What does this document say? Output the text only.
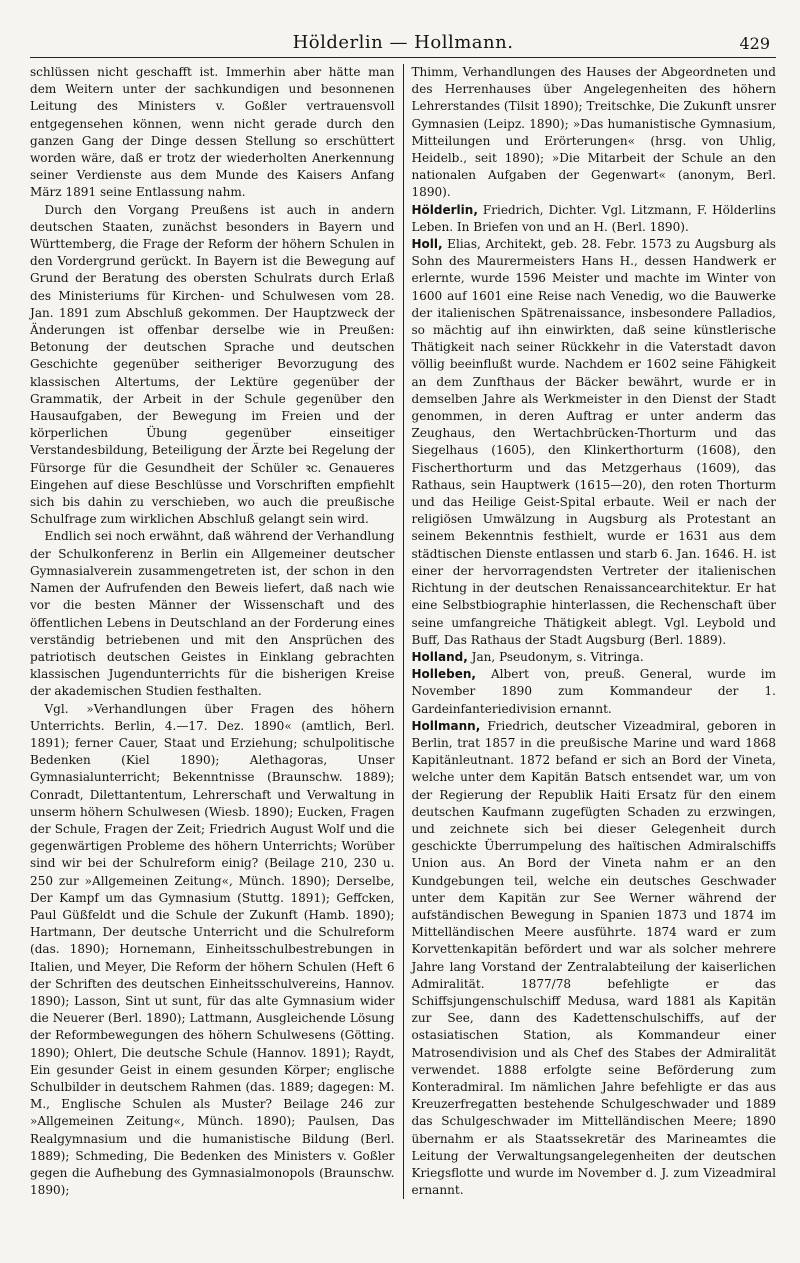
Hölderlin — Hollmann.	429

schlüssen nicht geschafft ist. Immerhin aber hätte man dem Weitern unter der sachkundigen und besonnenen Leitung des Ministers v. Goßler vertrauensvoll entgegensehen können, wenn nicht gerade durch den ganzen Gang der Dinge dessen Stellung so erschüttert worden wäre, daß er trotz der wiederholten Anerkennung seiner Verdienste aus dem Munde des Kaisers Anfang März 1891 seine Entlassung nahm.

Durch den Vorgang Preußens ist auch in andern deutschen Staaten, zunächst besonders in Bayern und Württemberg, die Frage der Reform der höhern Schulen in den Vordergrund gerückt. In Bayern ist die Bewegung auf Grund der Beratung des obersten Schulrats durch Erlaß des Ministeriums für Kirchen- und Schulwesen vom 28. Jan. 1891 zum Abschluß gekommen. Der Hauptzweck der Änderungen ist offenbar derselbe wie in Preußen: Betonung der deutschen Sprache und deutschen Geschichte gegenüber seitheriger Bevorzugung des klassischen Altertums, der Lektüre gegenüber der Grammatik, der Arbeit in der Schule gegenüber den Hausaufgaben, der Bewegung im Freien und der körperlichen Übung gegenüber einseitiger Verstandesbildung, Beteiligung der Ärzte bei Regelung der Fürsorge für die Gesundheit der Schüler ꝛc. Genaueres Eingehen auf diese Beschlüsse und Vorschriften empfiehlt sich bis dahin zu verschieben, wo auch die preußische Schulfrage zum wirklichen Abschluß gelangt sein wird.

Endlich sei noch erwähnt, daß während der Verhandlung der Schulkonferenz in Berlin ein Allgemeiner deutscher Gymnasialverein zusammengetreten ist, der schon in den Namen der Aufrufenden den Beweis liefert, daß nach wie vor die besten Männer der Wissenschaft und des öffentlichen Lebens in Deutschland an der Forderung eines verständig betriebenen und mit den Ansprüchen des patriotisch deutschen Geistes in Einklang gebrachten klassischen Jugendunterrichts für die bisherigen Kreise der akademischen Studien festhalten.

Vgl. »Verhandlungen über Fragen des höhern Unterrichts. Berlin, 4.—17. Dez. 1890« (amtlich, Berl. 1891); ferner Cauer, Staat und Erziehung; schulpolitische Bedenken (Kiel 1890); Alethagoras, Unser Gymnasialunterricht; Bekenntnisse (Braunschw. 1889); Conradt, Dilettantentum, Lehrerschaft und Verwaltung in unserm höhern Schulwesen (Wiesb. 1890); Eucken, Fragen der Schule, Fragen der Zeit; Friedrich August Wolf und die gegenwärtigen Probleme des höhern Unterrichts; Worüber sind wir bei der Schulreform einig? (Beilage 210, 230 u. 250 zur »Allgemeinen Zeitung«, Münch. 1890); Derselbe, Der Kampf um das Gymnasium (Stuttg. 1891); Geffcken, Paul Güßfeldt und die Schule der Zukunft (Hamb. 1890); Hartmann, Der deutsche Unterricht und die Schulreform (das. 1890); Hornemann, Einheitsschulbestrebungen in Italien, und Meyer, Die Reform der höhern Schulen (Heft 6 der Schriften des deutschen Einheitsschulvereins, Hannov. 1890); Lasson, Sint ut sunt, für das alte Gymnasium wider die Neuerer (Berl. 1890); Lattmann, Ausgleichende Lösung der Reformbewegungen des höhern Schulwesens (Götting. 1890); Ohlert, Die deutsche Schule (Hannov. 1891); Raydt, Ein gesunder Geist in einem gesunden Körper; englische Schulbilder in deutschem Rahmen (das. 1889; dagegen: M. M., Englische Schulen als Muster? Beilage 246 zur »Allgemeinen Zeitung«, Münch. 1890); Paulsen, Das Realgymnasium und die humanistische Bildung (Berl. 1889); Schmeding, Die Bedenken des Ministers v. Goßler gegen die Aufhebung des Gymnasialmonopols (Braunschw. 1890);

Thimm, Verhandlungen des Hauses der Abgeordneten und des Herrenhauses über Angelegenheiten des höhern Lehrerstandes (Tilsit 1890); Treitschke, Die Zukunft unsrer Gymnasien (Leipz. 1890); »Das humanistische Gymnasium, Mitteilungen und Erörterungen« (hrsg. von Uhlig, Heidelb., seit 1890); »Die Mitarbeit der Schule an den nationalen Aufgaben der Gegenwart« (anonym, Berl. 1890).

Hölderlin, Friedrich, Dichter. Vgl. Litzmann, F. Hölderlins Leben. In Briefen von und an H. (Berl. 1890).

Holl, Elias, Architekt, geb. 28. Febr. 1573 zu Augsburg als Sohn des Maurermeisters Hans H., dessen Handwerk er erlernte, wurde 1596 Meister und machte im Winter von 1600 auf 1601 eine Reise nach Venedig, wo die Bauwerke der italienischen Spätrenaissance, insbesondere Palladios, so mächtig auf ihn einwirkten, daß seine künstlerische Thätigkeit nach seiner Rückkehr in die Vaterstadt davon völlig beeinflußt wurde. Nachdem er 1602 seine Fähigkeit an dem Zunfthaus der Bäcker bewährt, wurde er in demselben Jahre als Werkmeister in den Dienst der Stadt genommen, in deren Auftrag er unter anderm das Zeughaus, den Wertachbrücken-Thorturm und das Siegelhaus (1605), den Klinkerthorturm (1608), den Fischerthorturm und das Metzgerhaus (1609), das Rathaus, sein Hauptwerk (1615—20), den roten Thorturm und das Heilige Geist-Spital erbaute. Weil er nach der religiösen Umwälzung in Augsburg als Protestant an seinem Bekenntnis festhielt, wurde er 1631 aus dem städtischen Dienste entlassen und starb 6. Jan. 1646. H. ist einer der hervorragendsten Vertreter der italienischen Richtung in der deutschen Renaissancearchitektur. Er hat eine Selbstbiographie hinterlassen, die Rechenschaft über seine umfangreiche Thätigkeit ablegt. Vgl. Leybold und Buff, Das Rathaus der Stadt Augsburg (Berl. 1889).

Holland, Jan, Pseudonym, s. Vitringa.

Holleben, Albert von, preuß. General, wurde im November 1890 zum Kommandeur der 1. Gardeinfanteriedivision ernannt.

Hollmann, Friedrich, deutscher Vizeadmiral, geboren in Berlin, trat 1857 in die preußische Marine und ward 1868 Kapitänleutnant. 1872 befand er sich an Bord der Vineta, welche unter dem Kapitän Batsch entsendet war, um von der Regierung der Republik Haiti Ersatz für den einem deutschen Kaufmann zugefügten Schaden zu erzwingen, und zeichnete sich bei dieser Gelegenheit durch geschickte Überrumpelung des haïtischen Admiralschiffs Union aus. An Bord der Vineta nahm er an den Kundgebungen teil, welche ein deutsches Geschwader unter dem Kapitän zur See Werner während der aufständischen Bewegung in Spanien 1873 und 1874 im Mittelländischen Meere ausführte. 1874 ward er zum Korvettenkapitän befördert und war als solcher mehrere Jahre lang Vorstand der Zentralabteilung der kaiserlichen Admiralität. 1877/78 befehligte er das Schiffsjungenschulschiff Medusa, ward 1881 als Kapitän zur See, dann des Kadettenschulschiffs, auf der ostasiatischen Station, als Kommandeur einer Matrosendivision und als Chef des Stabes der Admiralität verwendet. 1888 erfolgte seine Beförderung zum Konteradmiral. Im nämlichen Jahre befehligte er das aus Kreuzerfregatten bestehende Schulgeschwader und 1889 das Schulgeschwader im Mittelländischen Meere; 1890 übernahm er als Staatssekretär des Marineamtes die Leitung der Verwaltungsangelegenheiten der deutschen Kriegsflotte und wurde im November d. J. zum Vizeadmiral ernannt.
